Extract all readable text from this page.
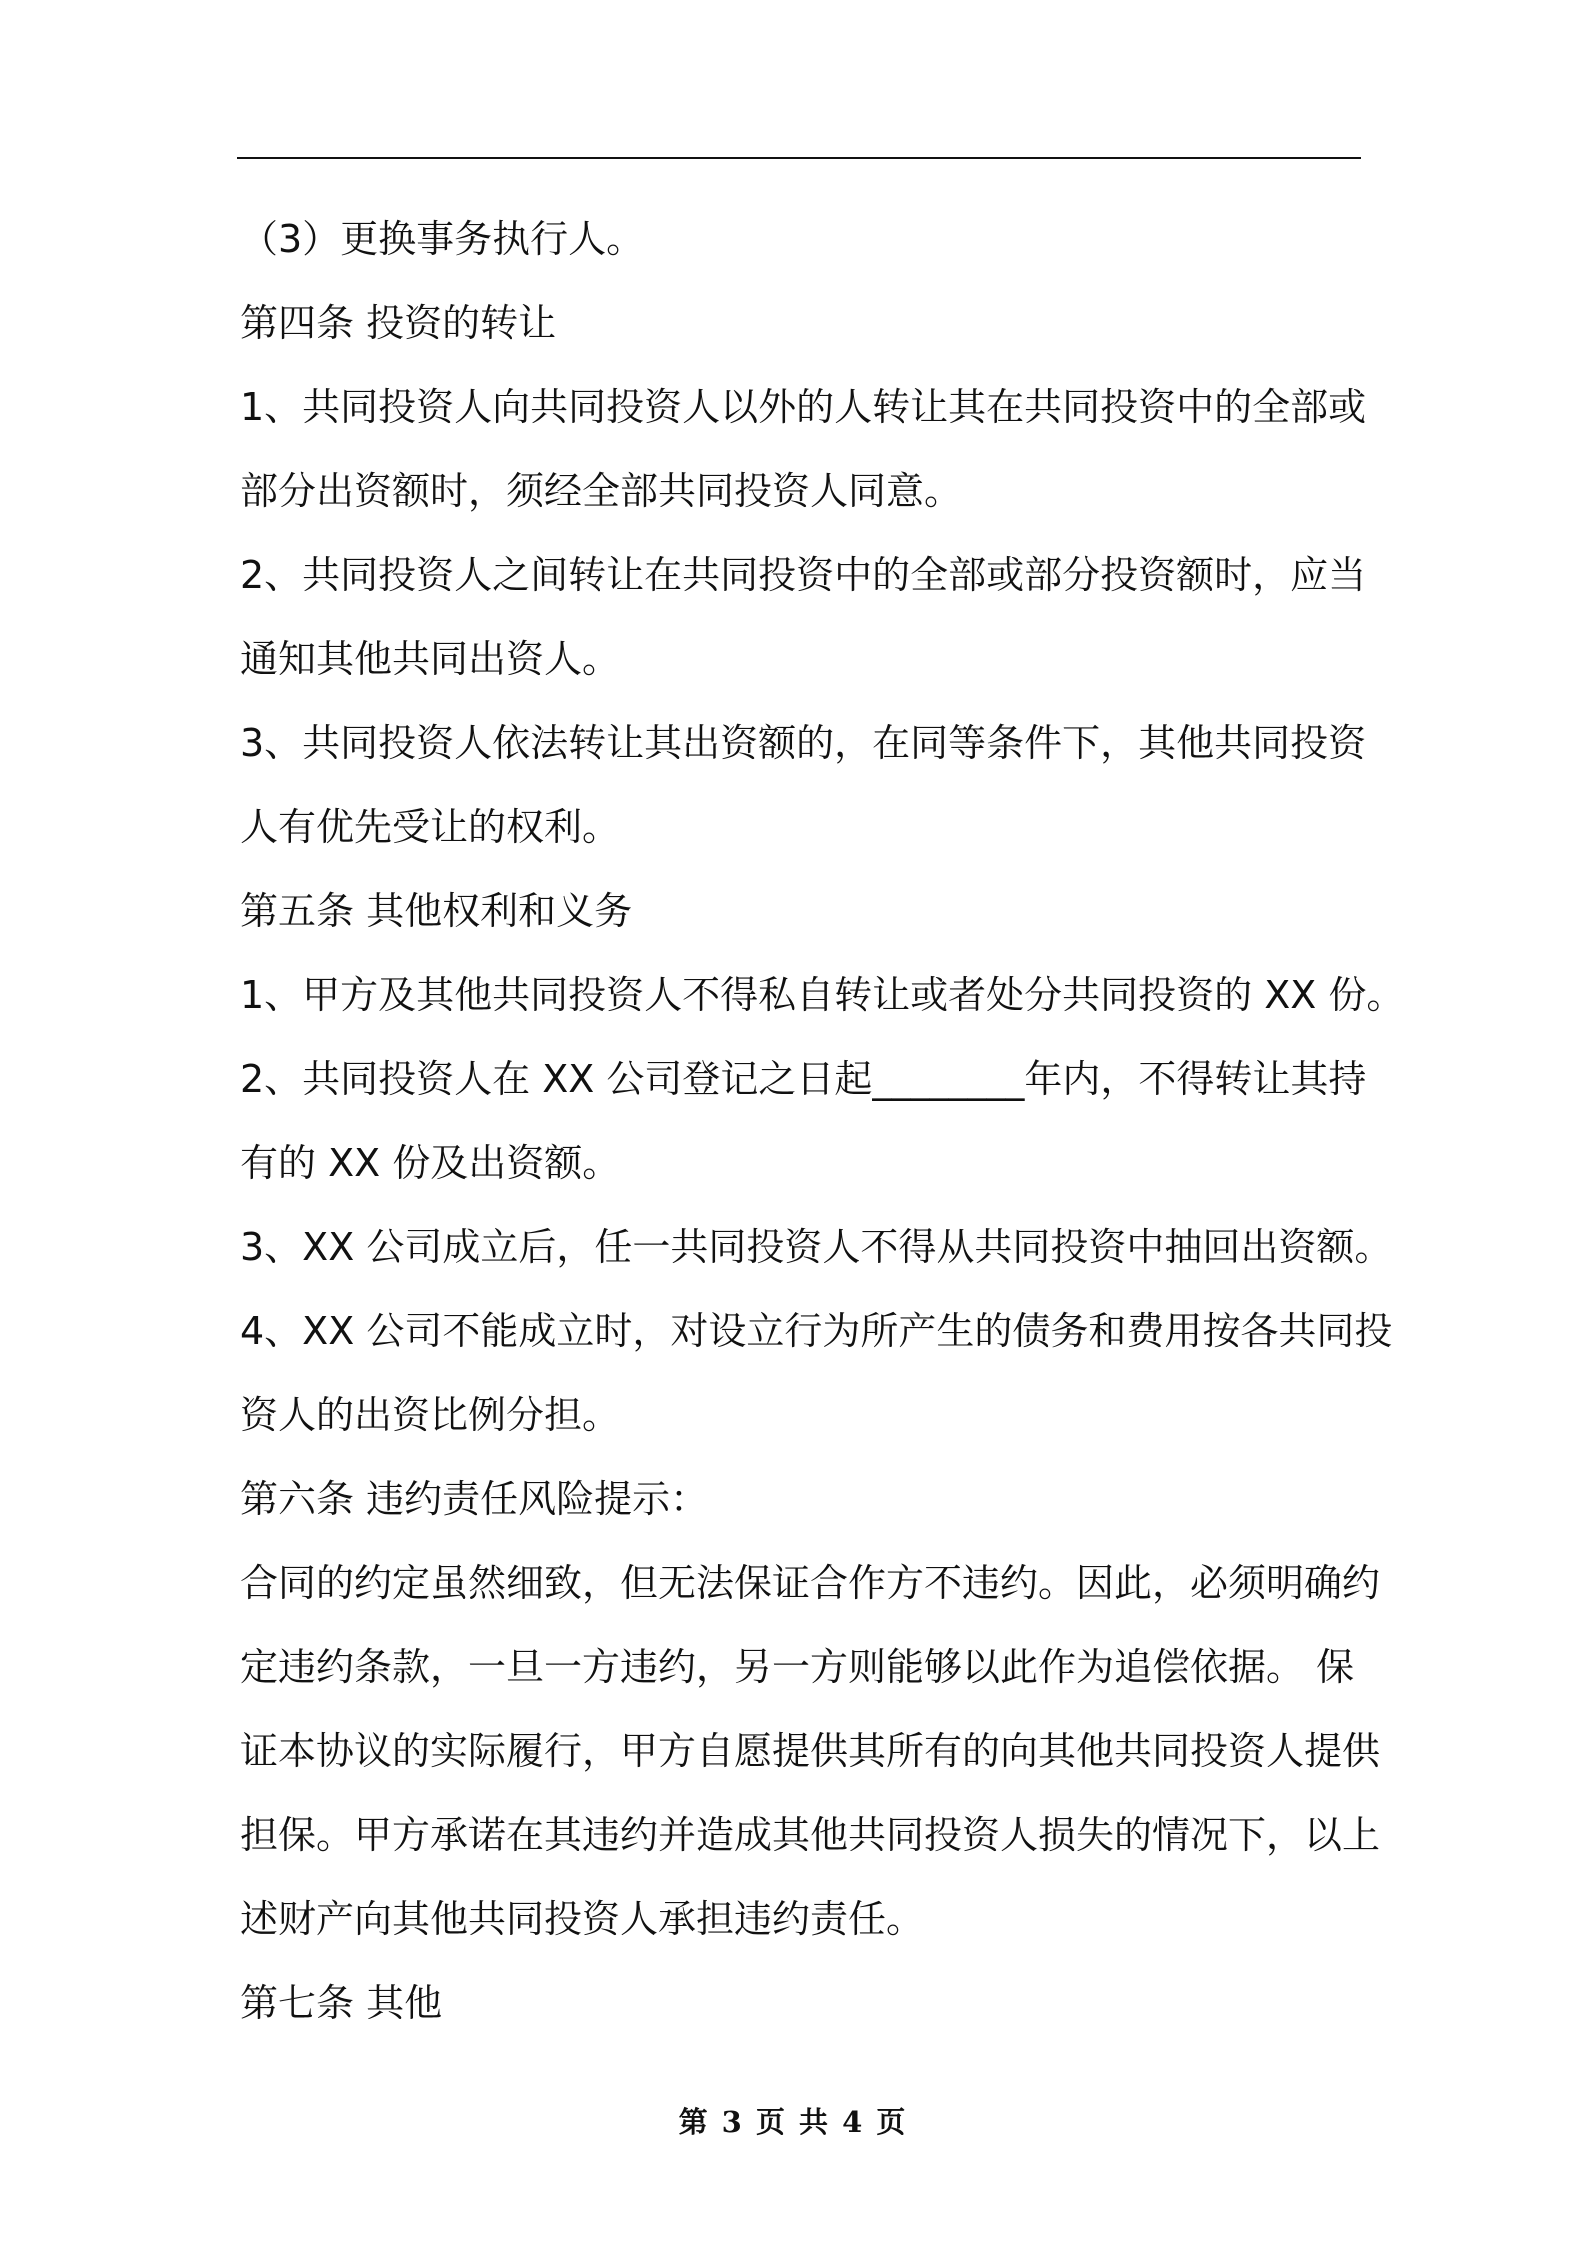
（3）更换事务执行人。
第四条 投资的转让
1、共同投资人向共同投资人以外的人转让其在共同投资中的全部或
部分出资额时，须经全部共同投资人同意。
2、共同投资人之间转让在共同投资中的全部或部分投资额时，应当
通知其他共同出资人。
3、共同投资人依法转让其出资额的，在同等条件下，其他共同投资
人有优先受让的权利。
第五条 其他权利和义务
1、甲方及其他共同投资人不得私自转让或者处分共同投资的 XX 份。
2、共同投资人在 XX 公司登记之日起________年内，不得转让其持
有的 XX 份及出资额。
3、XX 公司成立后，任一共同投资人不得从共同投资中抽回出资额。
4、XX 公司不能成立时，对设立行为所产生的债务和费用按各共同投
资人的出资比例分担。
第六条 违约责任风险提示：
合同的约定虽然细致，但无法保证合作方不违约。因此，必须明确约
定违约条款，一旦一方违约，另一方则能够以此作为追偿依据。 保
证本协议的实际履行，甲方自愿提供其所有的向其他共同投资人提供
担保。甲方承诺在其违约并造成其他共同投资人损失的情况下，以上
述财产向其他共同投资人承担违约责任。
第七条 其他
第 3 页 共 4 页
